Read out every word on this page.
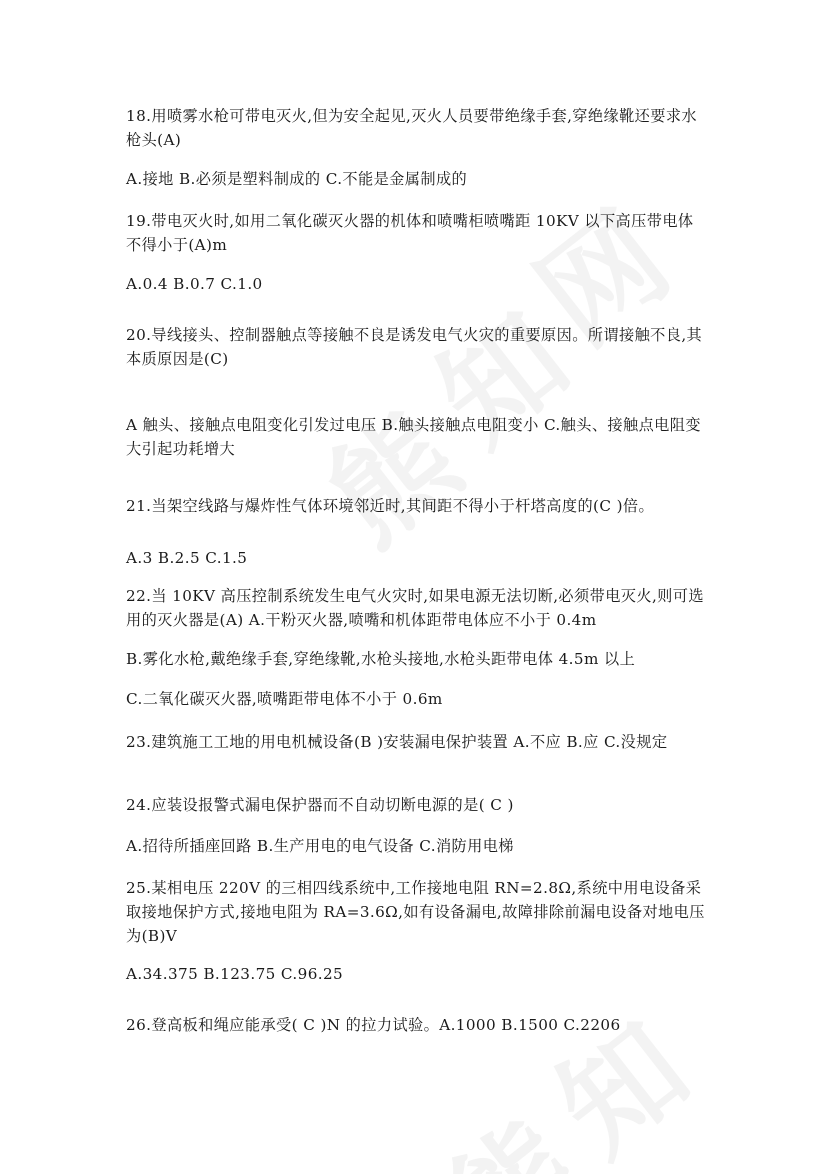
18.用喷雾水枪可带电灭火,但为安全起见,灭火人员要带绝缘手套,穿绝缘靴还要求水枪头(A)

A.接地 B.必须是塑料制成的 C.不能是金属制成的

19.带电灭火时,如用二氧化碳灭火器的机体和喷嘴柜喷嘴距 10KV 以下高压带电体不得小于(A)m

A.0.4 B.0.7 C.1.0

20.导线接头、控制器触点等接触不良是诱发电气火灾的重要原因。所谓接触不良,其本质原因是(C)

A 触头、接触点电阻变化引发过电压 B.触头接触点电阻变小 C.触头、接触点电阻变大引起功耗增大

21.当架空线路与爆炸性气体环境邻近时,其间距不得小于杆塔高度的(C )倍。

A.3 B.2.5 C.1.5

22.当 10KV 高压控制系统发生电气火灾时,如果电源无法切断,必须带电灭火,则可选用的灭火器是(A) A.干粉灭火器,喷嘴和机体距带电体应不小于 0.4m

B.雾化水枪,戴绝缘手套,穿绝缘靴,水枪头接地,水枪头距带电体 4.5m 以上

C.二氧化碳灭火器,喷嘴距带电体不小于 0.6m

23.建筑施工工地的用电机械设备(B )安装漏电保护装置 A.不应 B.应 C.没规定

24.应装设报警式漏电保护器而不自动切断电源的是( C )

A.招待所插座回路 B.生产用电的电气设备 C.消防用电梯

25.某相电压 220V 的三相四线系统中,工作接地电阻 RN=2.8Ω,系统中用电设备采取接地保护方式,接地电阻为 RA=3.6Ω,如有设备漏电,故障排除前漏电设备对地电压为(B)V

A.34.375 B.123.75 C.96.25

26.登高板和绳应能承受( C )N 的拉力试验。A.1000 B.1500 C.2206
